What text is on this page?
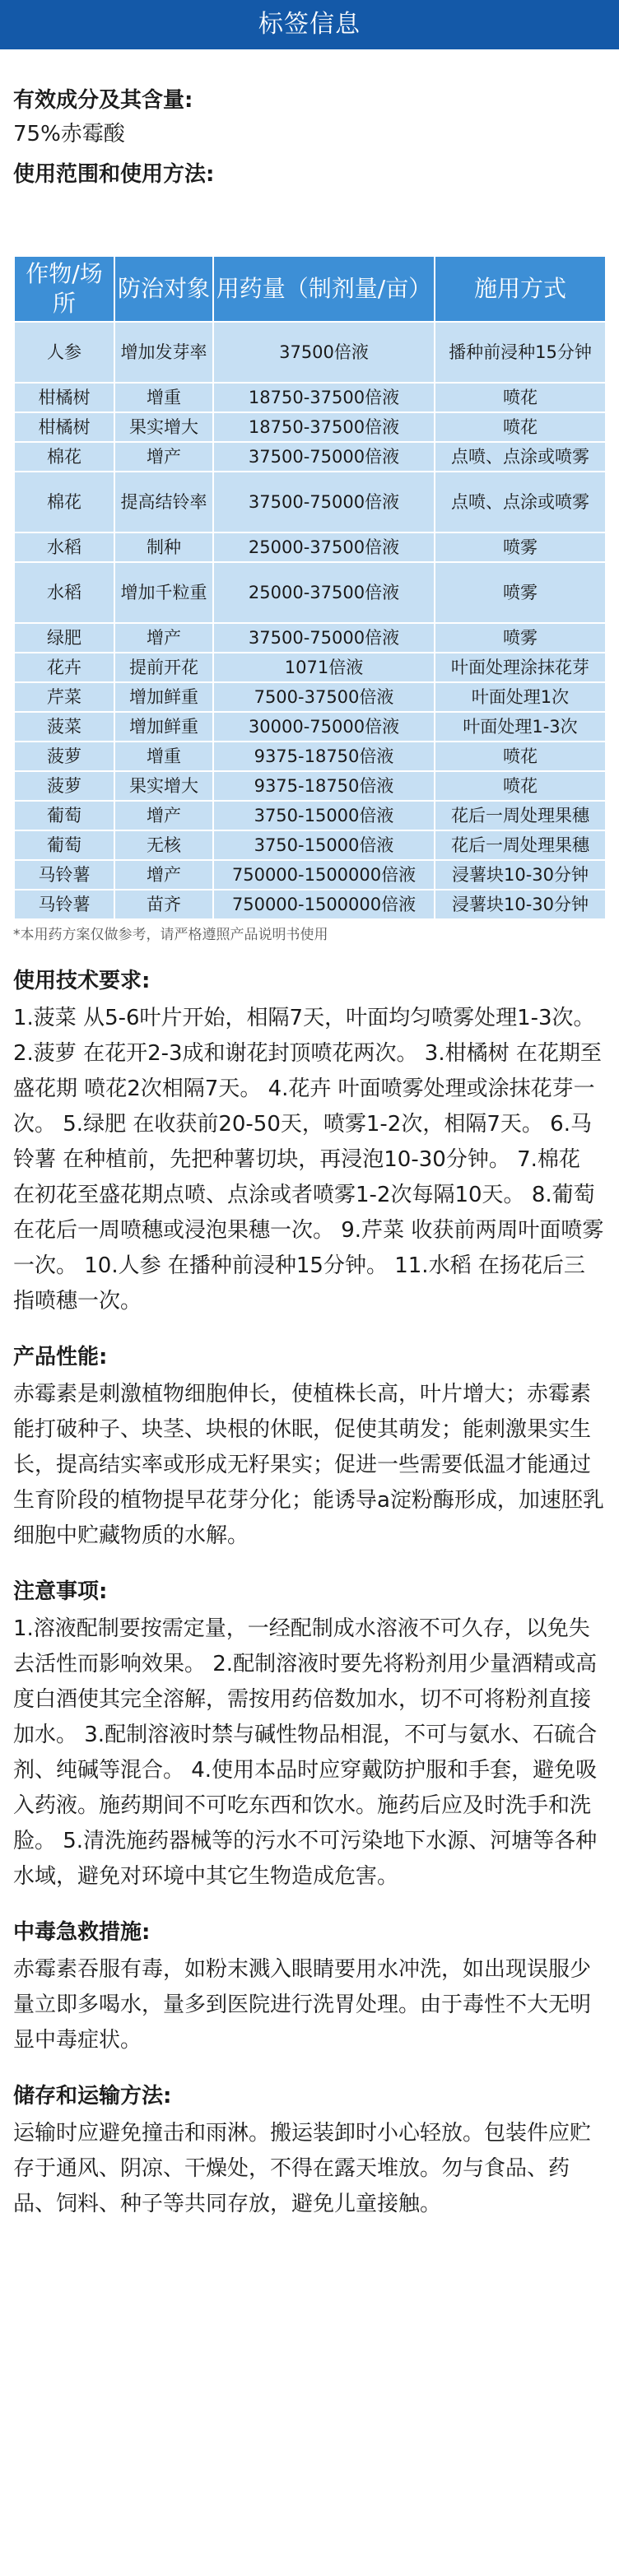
标签信息

有效成分及其含量:

75%赤霉酸

使用范围和使用方法:

作物/场所	防治对象	用药量（制剂量/亩）	施用方式
人参	增加发芽率	37500倍液	播种前浸种15分钟
柑橘树	增重	18750-37500倍液	喷花
柑橘树	果实增大	18750-37500倍液	喷花
棉花	增产	37500-75000倍液	点喷、点涂或喷雾
棉花	提高结铃率	37500-75000倍液	点喷、点涂或喷雾
水稻	制种	25000-37500倍液	喷雾
水稻	增加千粒重	25000-37500倍液	喷雾
绿肥	增产	37500-75000倍液	喷雾
花卉	提前开花	1071倍液	叶面处理涂抹花芽
芹菜	增加鲜重	7500-37500倍液	叶面处理1次
菠菜	增加鲜重	30000-75000倍液	叶面处理1-3次
菠萝	增重	9375-18750倍液	喷花
菠萝	果实增大	9375-18750倍液	喷花
葡萄	增产	3750-15000倍液	花后一周处理果穗
葡萄	无核	3750-15000倍液	花后一周处理果穗
马铃薯	增产	750000-1500000倍液	浸薯块10-30分钟
马铃薯	苗齐	750000-1500000倍液	浸薯块10-30分钟

*本用药方案仅做参考，请严格遵照产品说明书使用

使用技术要求:

1.菠菜 从5-6叶片开始，相隔7天，叶面均匀喷雾处理1-3次。 2.菠萝 在花开2-3成和谢花封顶喷花两次。 3.柑橘树 在花期至盛花期 喷花2次相隔7天。 4.花卉 叶面喷雾处理或涂抹花芽一次。 5.绿肥 在收获前20-50天，喷雾1-2次，相隔7天。 6.马铃薯 在种植前，先把种薯切块，再浸泡10-30分钟。 7.棉花 在初花至盛花期点喷、点涂或者喷雾1-2次每隔10天。 8.葡萄 在花后一周喷穗或浸泡果穗一次。 9.芹菜 收获前两周叶面喷雾一次。 10.人参 在播种前浸种15分钟。 11.水稻 在扬花后三指喷穗一次。

产品性能:

赤霉素是刺激植物细胞伸长，使植株长高，叶片增大；赤霉素能打破种子、块茎、块根的休眠，促使其萌发；能刺激果实生长，提高结实率或形成无籽果实；促进一些需要低温才能通过生育阶段的植物提早花芽分化；能诱导a淀粉酶形成，加速胚乳细胞中贮藏物质的水解。

注意事项:

1.溶液配制要按需定量，一经配制成水溶液不可久存，以免失去活性而影响效果。 2.配制溶液时要先将粉剂用少量酒精或高度白酒使其完全溶解，需按用药倍数加水，切不可将粉剂直接加水。 3.配制溶液时禁与碱性物品相混，不可与氨水、石硫合剂、纯碱等混合。 4.使用本品时应穿戴防护服和手套，避免吸入药液。施药期间不可吃东西和饮水。施药后应及时洗手和洗脸。 5.清洗施药器械等的污水不可污染地下水源、河塘等各种水域，避免对环境中其它生物造成危害。

中毒急救措施:

赤霉素吞服有毒，如粉末溅入眼睛要用水冲洗，如出现误服少量立即多喝水，量多到医院进行洗胃处理。由于毒性不大无明显中毒症状。

储存和运输方法:

运输时应避免撞击和雨淋。搬运装卸时小心轻放。包装件应贮存于通风、阴凉、干燥处，不得在露天堆放。勿与食品、药品、饲料、种子等共同存放，避免儿童接触。
